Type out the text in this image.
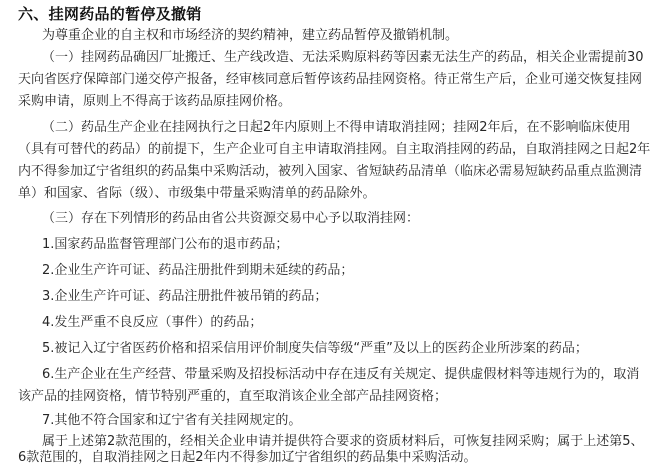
六、挂网药品的暂停及撤销
为尊重企业的自主权和市场经济的契约精神，建立药品暂停及撤销机制。
（一）挂网药品确因厂址搬迁、生产线改造、无法采购原料药等因素无法生产的药品，相关企业需提前30
天向省医疗保障部门递交停产报备，经审核同意后暂停该药品挂网资格。待正常生产后，企业可递交恢复挂网
采购申请，原则上不得高于该药品原挂网价格。
（二）药品生产企业在挂网执行之日起2年内原则上不得申请取消挂网；挂网2年后，在不影响临床使用
（具有可替代的药品）的前提下，生产企业可自主申请取消挂网。自主取消挂网的药品，自取消挂网之日起2年
内不得参加辽宁省组织的药品集中采购活动，被列入国家、省短缺药品清单（临床必需易短缺药品重点监测清
单）和国家、省际（级）、市级集中带量采购清单的药品除外。
（三）存在下列情形的药品由省公共资源交易中心予以取消挂网：
1.国家药品监督管理部门公布的退市药品；
2.企业生产许可证、药品注册批件到期未延续的药品；
3.企业生产许可证、药品注册批件被吊销的药品；
4.发生严重不良反应（事件）的药品；
5.被记入辽宁省医药价格和招采信用评价制度失信等级“严重”及以上的医药企业所涉案的药品；
6.生产企业在生产经营、带量采购及招投标活动中存在违反有关规定、提供虚假材料等违规行为的，取消
该产品的挂网资格，情节特别严重的，直至取消该企业全部产品挂网资格；
7.其他不符合国家和辽宁省有关挂网规定的。
属于上述第2款范围的，经相关企业申请并提供符合要求的资质材料后，可恢复挂网采购；属于上述第5、
6款范围的，自取消挂网之日起2年内不得参加辽宁省组织的药品集中采购活动。
